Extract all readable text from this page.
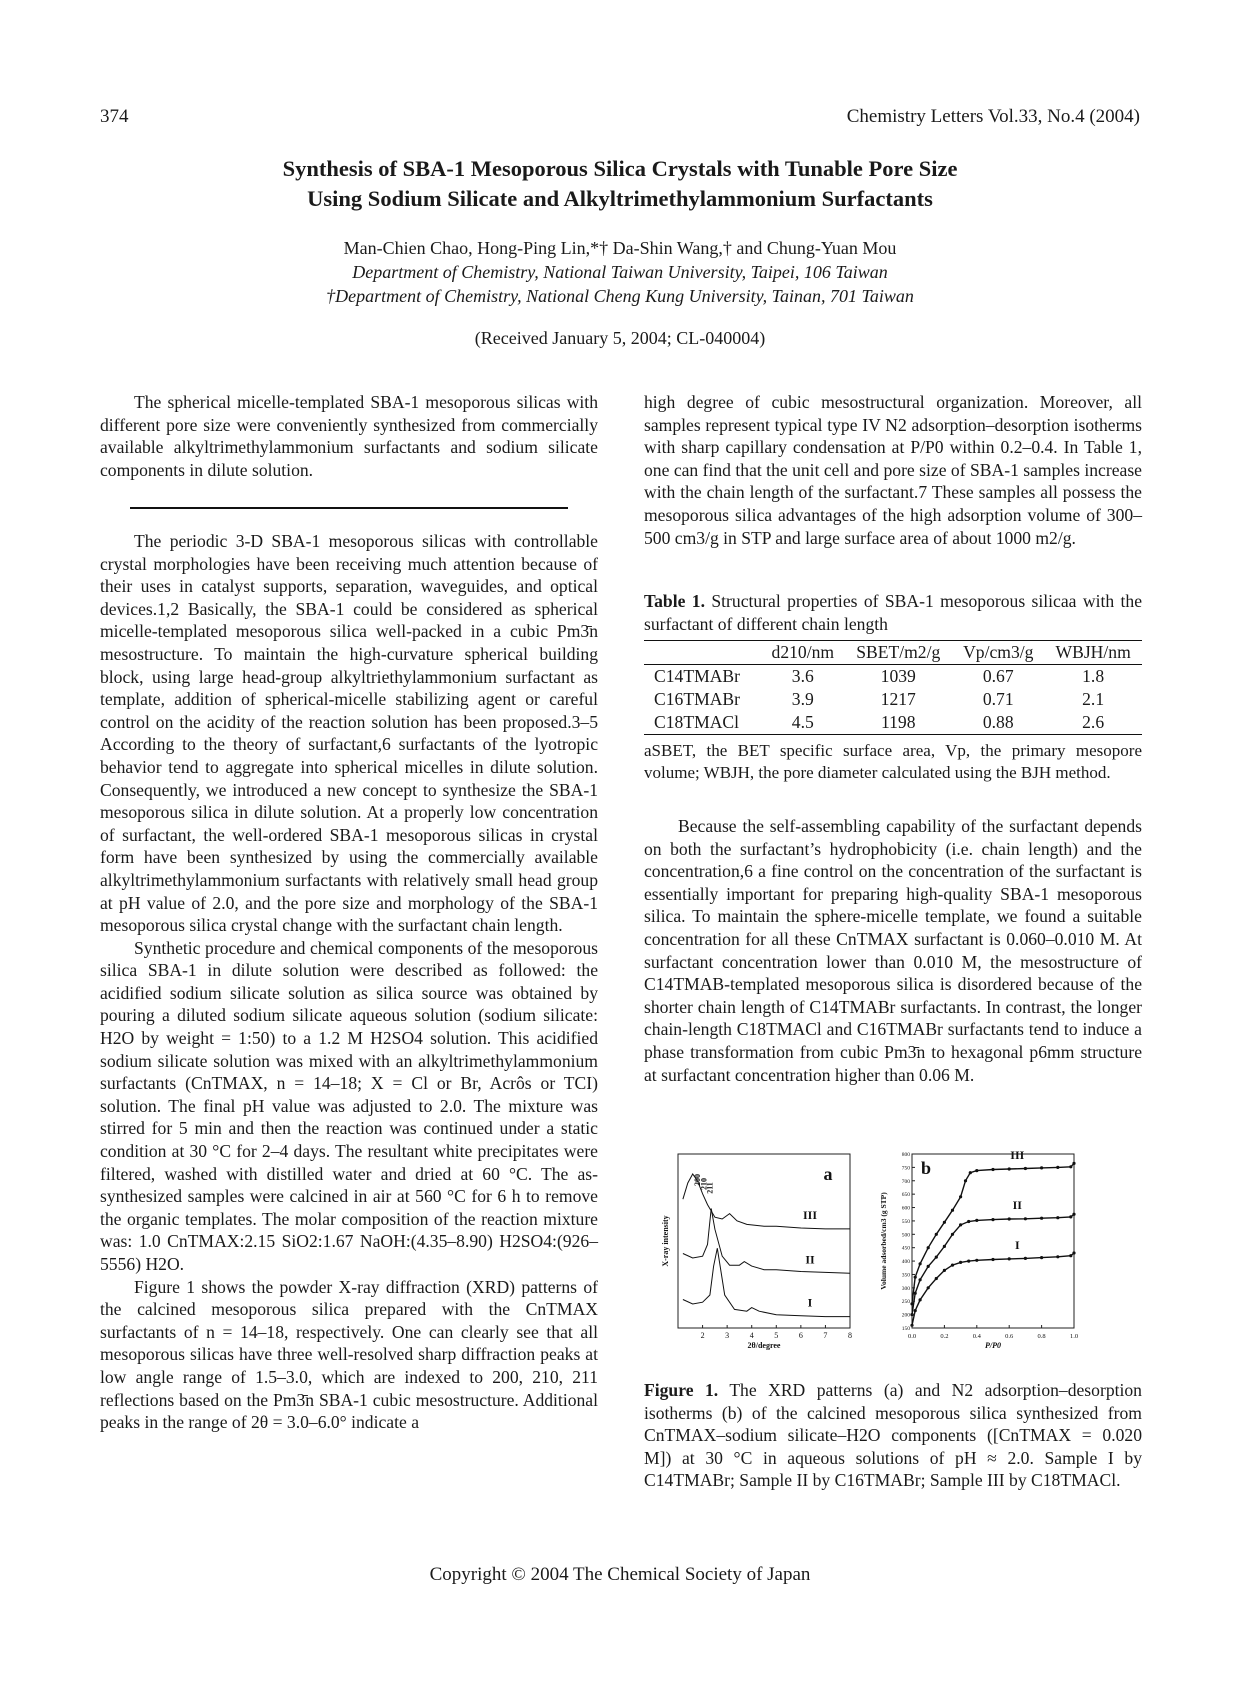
374	Chemistry Letters Vol.33, No.4 (2004)
Synthesis of SBA-1 Mesoporous Silica Crystals with Tunable Pore Size
Using Sodium Silicate and Alkyltrimethylammonium Surfactants
Man-Chien Chao, Hong-Ping Lin,*† Da-Shin Wang,† and Chung-Yuan Mou
Department of Chemistry, National Taiwan University, Taipei, 106 Taiwan
†Department of Chemistry, National Cheng Kung University, Tainan, 701 Taiwan
(Received January 5, 2004; CL-040004)

The spherical micelle-templated SBA-1 mesoporous silicas with different pore size were conveniently synthesized from commercially available alkyltrimethylammonium surfactants and sodium silicate components in dilute solution.

The periodic 3-D SBA-1 mesoporous silicas with controllable crystal morphologies have been receiving much attention because of their uses in catalyst supports, separation, waveguides, and optical devices.1,2 Basically, the SBA-1 could be considered as spherical micelle-templated mesoporous silica well-packed in a cubic Pm3̄n mesostructure. To maintain the high-curvature spherical building block, using large head-group alkyltriethylammonium surfactant as template, addition of spherical-micelle stabilizing agent or careful control on the acidity of the reaction solution has been proposed.3–5 According to the theory of surfactant,6 surfactants of the lyotropic behavior tend to aggregate into spherical micelles in dilute solution. Consequently, we introduced a new concept to synthesize the SBA-1 mesoporous silica in dilute solution. At a properly low concentration of surfactant, the well-ordered SBA-1 mesoporous silicas in crystal form have been synthesized by using the commercially available alkyltrimethylammonium surfactants with relatively small head group at pH value of 2.0, and the pore size and morphology of the SBA-1 mesoporous silica crystal change with the surfactant chain length.

Synthetic procedure and chemical components of the mesoporous silica SBA-1 in dilute solution were described as followed: the acidified sodium silicate solution as silica source was obtained by pouring a diluted sodium silicate aqueous solution (sodium silicate: H2O by weight = 1:50) to a 1.2 M H2SO4 solution. This acidified sodium silicate solution was mixed with an alkyltrimethylammonium surfactants (CnTMAX, n = 14–18; X = Cl or Br, Acrôs or TCI) solution. The final pH value was adjusted to 2.0. The mixture was stirred for 5 min and then the reaction was continued under a static condition at 30 °C for 2–4 days. The resultant white precipitates were filtered, washed with distilled water and dried at 60 °C. The as-synthesized samples were calcined in air at 560 °C for 6 h to remove the organic templates. The molar composition of the reaction mixture was: 1.0 CnTMAX:2.15 SiO2:1.67 NaOH:(4.35–8.90) H2SO4:(926–5556) H2O.

Figure 1 shows the powder X-ray diffraction (XRD) patterns of the calcined mesoporous silica prepared with the CnTMAX surfactants of n = 14–18, respectively. One can clearly see that all mesoporous silicas have three well-resolved sharp diffraction peaks at low angle range of 1.5–3.0, which are indexed to 200, 210, 211 reflections based on the Pm3̄n SBA-1 cubic mesostructure. Additional peaks in the range of 2θ = 3.0–6.0° indicate a

high degree of cubic mesostructural organization. Moreover, all samples represent typical type IV N2 adsorption–desorption isotherms with sharp capillary condensation at P/P0 within 0.2–0.4. In Table 1, one can find that the unit cell and pore size of SBA-1 samples increase with the chain length of the surfactant.7 These samples all possess the mesoporous silica advantages of the high adsorption volume of 300–500 cm3/g in STP and large surface area of about 1000 m2/g.

Table 1. Structural properties of SBA-1 mesoporous silicaa with the surfactant of different chain length
	d210/nm	SBET/m2/g	Vp/cm3/g	WBJH/nm
C14TMABr	3.6	1039	0.67	1.8
C16TMABr	3.9	1217	0.71	2.1
C18TMACl	4.5	1198	0.88	2.6
aSBET, the BET specific surface area, Vp, the primary mesopore volume; WBJH, the pore diameter calculated using the BJH method.

Because the self-assembling capability of the surfactant depends on both the surfactant’s hydrophobicity (i.e. chain length) and the concentration,6 a fine control on the concentration of the surfactant is essentially important for preparing high-quality SBA-1 mesoporous silica. To maintain the sphere-micelle template, we found a suitable concentration for all these CnTMAX surfactant is 0.060–0.010 M. At surfactant concentration lower than 0.010 M, the mesostructure of C14TMAB-templated mesoporous silica is disordered because of the shorter chain length of C14TMABr surfactants. In contrast, the longer chain-length C18TMACl and C16TMABr surfactants tend to induce a phase transformation from cubic Pm3̄n to hexagonal p6mm structure at surfactant concentration higher than 0.06 M.

I
II
III
2	3	4	5	6	7	8
2θ/degree
X-ray intensity
a
200
210
211
I
II
III
0.0	0.2	0.4	0.6	0.8	1.0
150
200
250
300
350
400
450
500
550
600
650
700
750
800
P/P0
Volume adsorbed/cm3 (g STP)
b
Figure 1. The XRD patterns (a) and N2 adsorption–desorption isotherms (b) of the calcined mesoporous silica synthesized from CnTMAX–sodium silicate–H2O components ([CnTMAX = 0.020 M]) at 30 °C in aqueous solutions of pH ≈ 2.0. Sample I by C14TMABr; Sample II by C16TMABr; Sample III by C18TMACl.
Copyright © 2004 The Chemical Society of Japan
